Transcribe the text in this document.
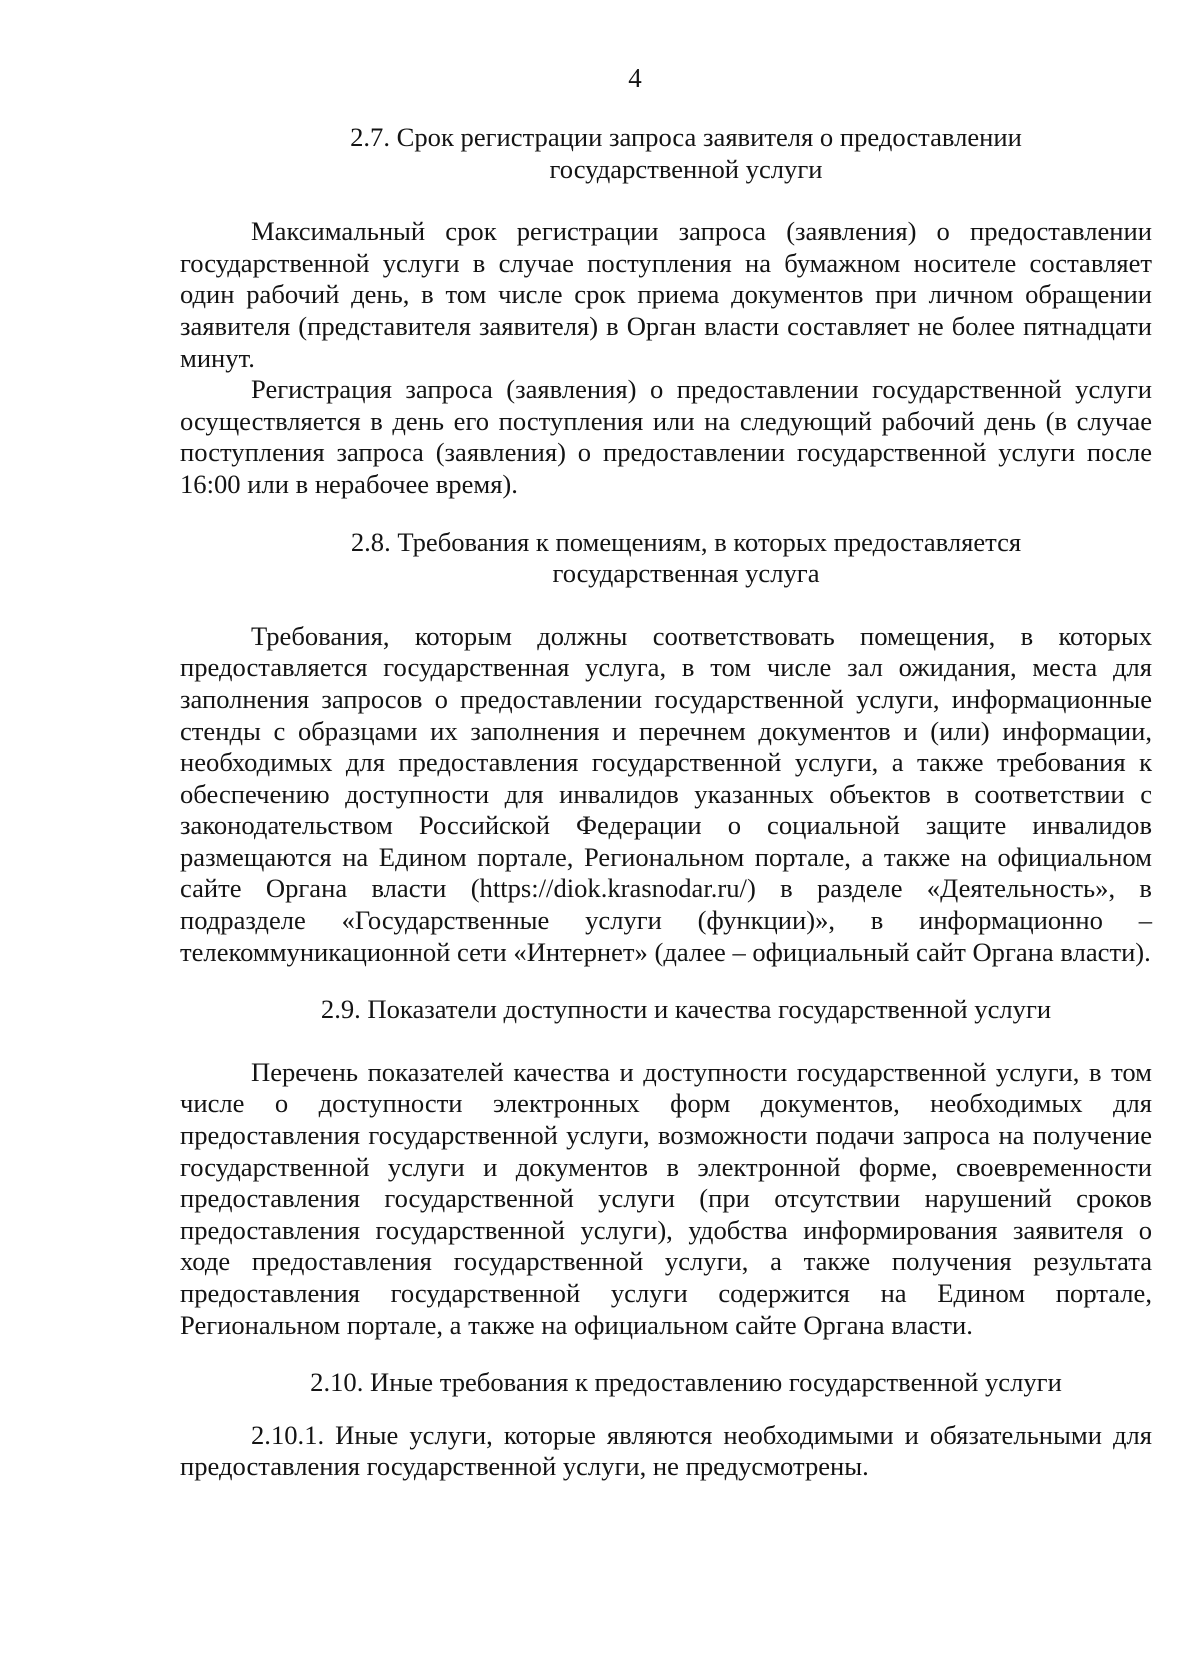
4
2.7. Срок регистрации запроса заявителя о предоставлении
государственной услуги

Максимальный срок регистрации запроса (заявления) о предоставлении государственной услуги в случае поступления на бумажном носителе составляет один рабочий день, в том числе срок приема документов при личном обращении заявителя (представителя заявителя) в Орган власти составляет не более пятнадцати минут.

Регистрация запроса (заявления) о предоставлении государственной услуги осуществляется в день его поступления или на следующий рабочий день (в случае поступления запроса (заявления) о предоставлении государственной услуги после 16:00 или в нерабочее время).

2.8. Требования к помещениям, в которых предоставляется
государственная услуга

Требования, которым должны соответствовать помещения, в которых предоставляется государственная услуга, в том числе зал ожидания, места для заполнения запросов о предоставлении государственной услуги, информационные стенды с образцами их заполнения и перечнем документов и (или) информации, необходимых для предоставления государственной услуги, а также требования к обеспечению доступности для инвалидов указанных объектов в соответствии с законодательством Российской Федерации о социальной защите инвалидов размещаются на Едином портале, Региональном портале, а также на официальном сайте Органа власти (https://diok.krasnodar.ru/) в разделе «Деятельность», в подразделе «Государственные услуги (функции)», в информационно – телекоммуникационной сети «Интернет» (далее – официальный сайт Органа власти).

2.9. Показатели доступности и качества государственной услуги

Перечень показателей качества и доступности государственной услуги, в том числе о доступности электронных форм документов, необходимых для предоставления государственной услуги, возможности подачи запроса на получение государственной услуги и документов в электронной форме, своевременности предоставления государственной услуги (при отсутствии нарушений сроков предоставления государственной услуги), удобства информирования заявителя о ходе предоставления государственной услуги, а также получения результата предоставления государственной услуги содержится на Едином портале, Региональном портале, а также на официальном сайте Органа власти.

2.10. Иные требования к предоставлению государственной услуги

2.10.1. Иные услуги, которые являются необходимыми и обязательными для предоставления государственной услуги, не предусмотрены.
